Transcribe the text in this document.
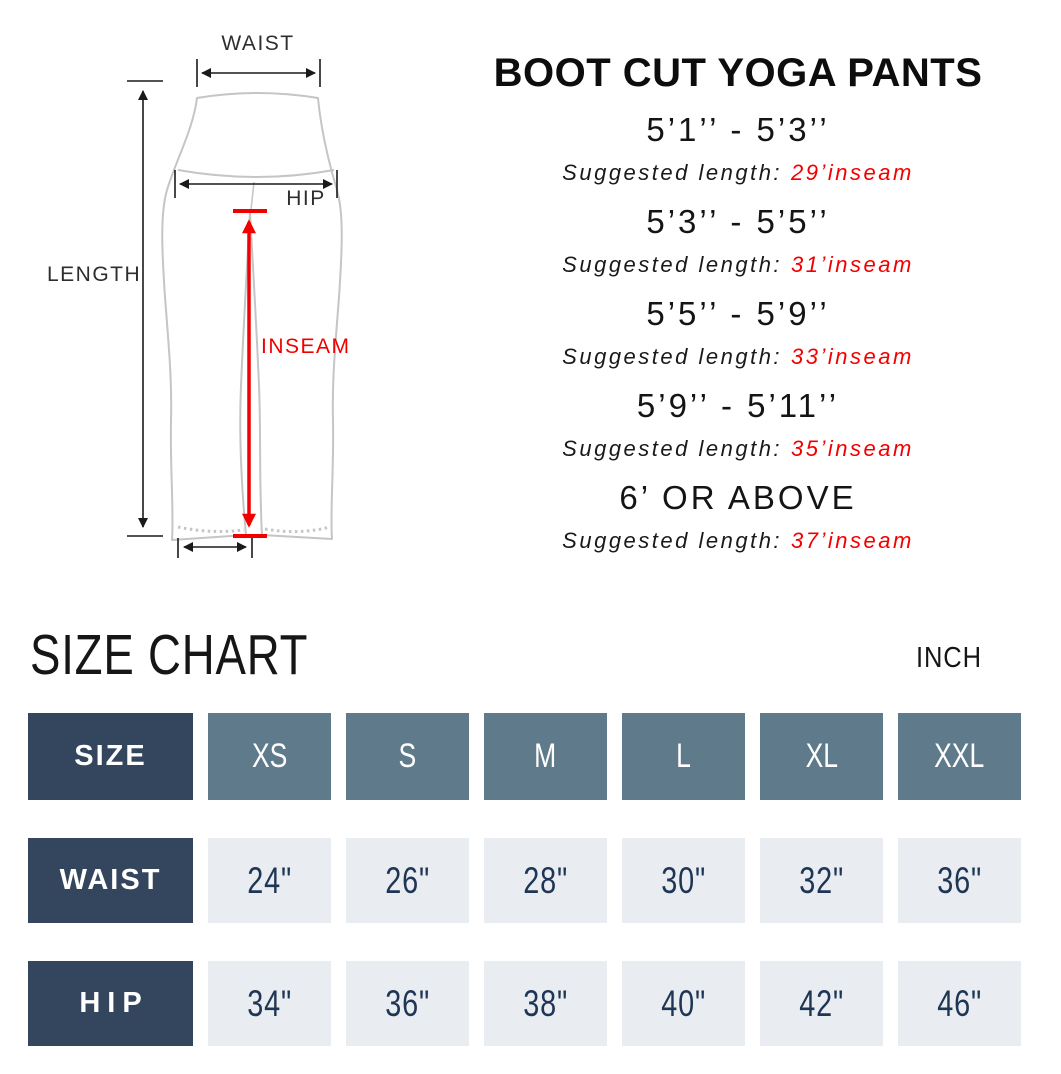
WAIST
HIP
LENGTH
INSEAM
BOOT CUT YOGA PANTS
5’1’’ - 5’3’’
Suggested length: 29’inseam
5’3’’ - 5’5’’
Suggested length: 31’inseam
5’5’’ - 5’9’’
Suggested length: 33’inseam
5’9’’ - 5’11’’
Suggested length: 35’inseam
6’ OR ABOVE
Suggested length: 37’inseam
SIZE CHART	INCH
SIZE	XS	S	M	L	XL	XXL
WAIST	24"	26"	28"	30"	32"	36"
HIP	34"	36"	38"	40"	42"	46"
